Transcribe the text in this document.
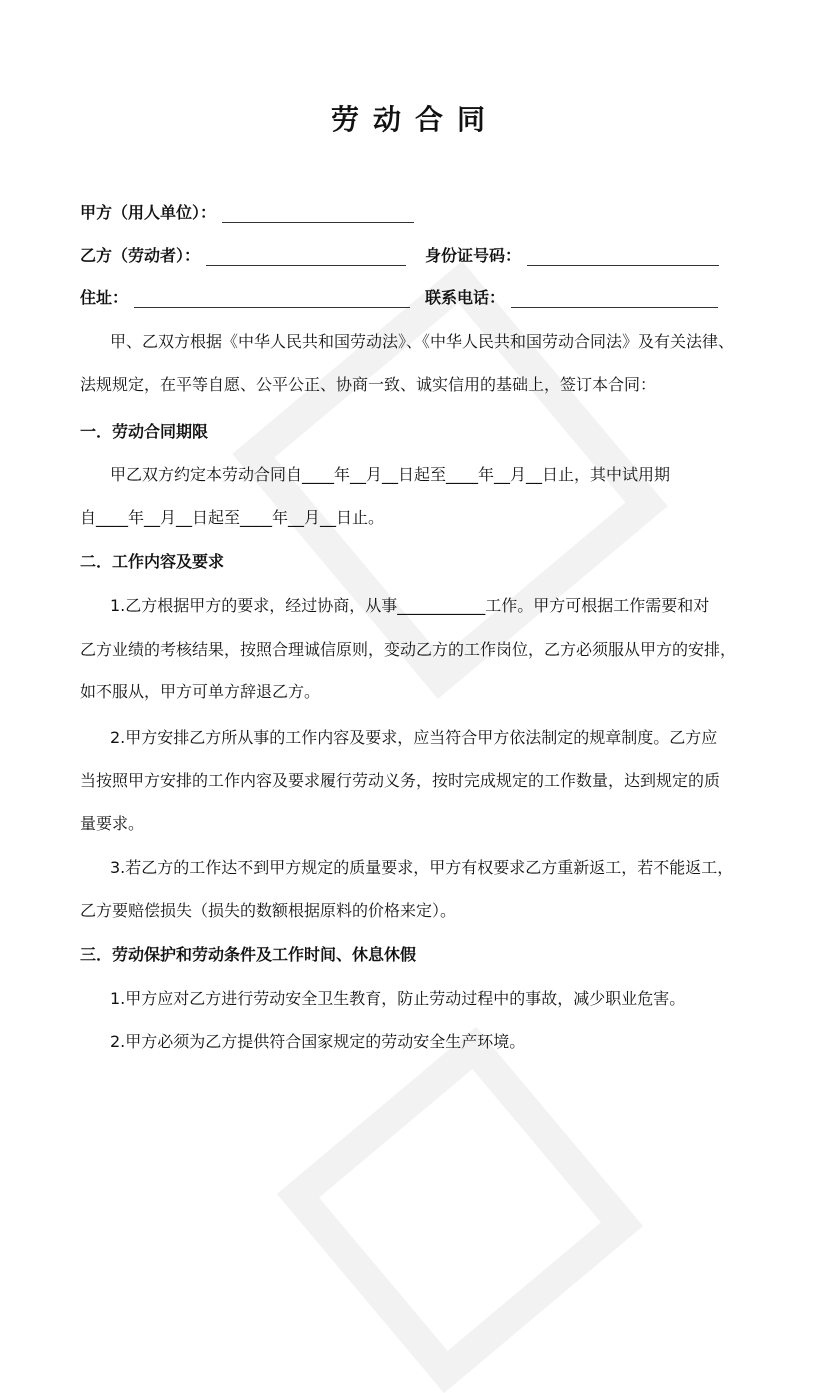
劳动合同
甲方（用人单位）：
乙方（劳动者）：	身份证号码：
住址：	联系电话：
甲、乙双方根据《中华人民共和国劳动法》、《中华人民共和国劳动合同法》及有关法律、
法规规定，在平等自愿、公平公正、协商一致、诚实信用的基础上，签订本合同：
一．劳动合同期限
甲乙双方约定本劳动合同自____年__月__日起至____年__月__日止，其中试用期
自____年__月__日起至____年__月__日止。
二．工作内容及要求
1.乙方根据甲方的要求，经过协商，从事___________工作。甲方可根据工作需要和对
乙方业绩的考核结果，按照合理诚信原则，变动乙方的工作岗位，乙方必须服从甲方的安排，
如不服从，甲方可单方辞退乙方。
2.甲方安排乙方所从事的工作内容及要求，应当符合甲方依法制定的规章制度。乙方应
当按照甲方安排的工作内容及要求履行劳动义务，按时完成规定的工作数量，达到规定的质
量要求。
3.若乙方的工作达不到甲方规定的质量要求，甲方有权要求乙方重新返工，若不能返工，
乙方要赔偿损失（损失的数额根据原料的价格来定）。
三．劳动保护和劳动条件及工作时间、休息休假
1.甲方应对乙方进行劳动安全卫生教育，防止劳动过程中的事故，减少职业危害。
2.甲方必须为乙方提供符合国家规定的劳动安全生产环境。
